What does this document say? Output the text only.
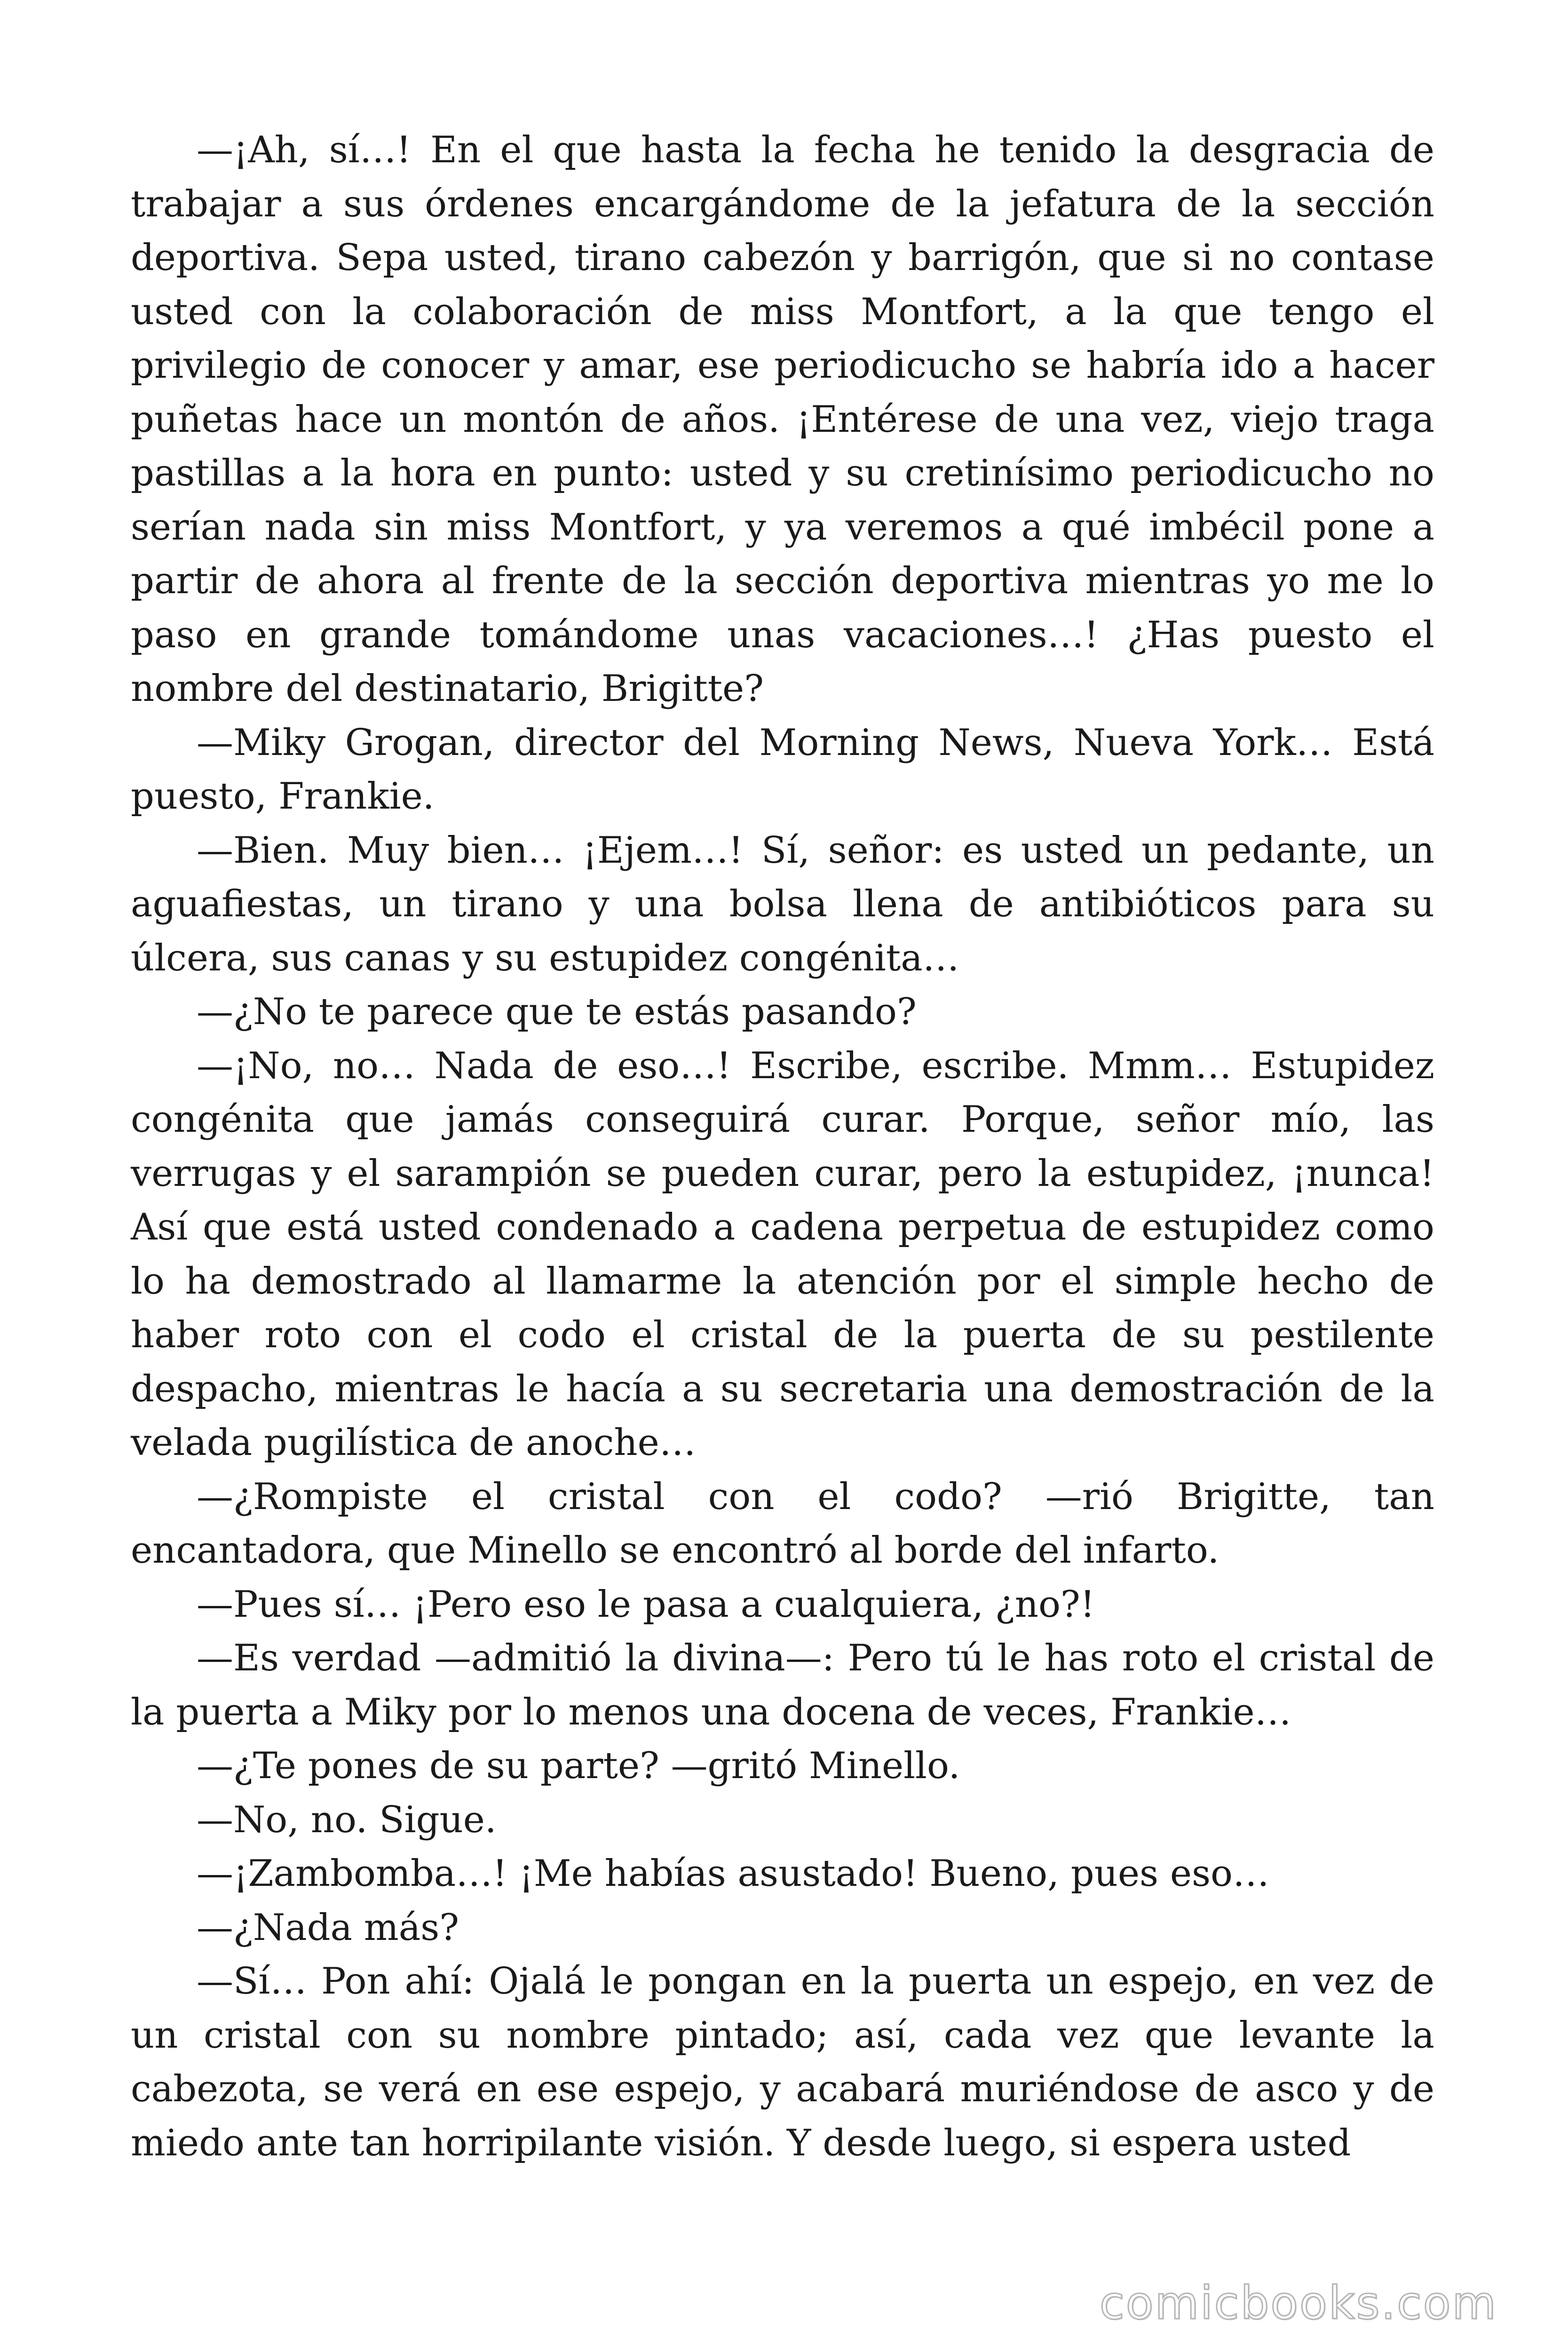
—¡Ah, sí…! En el que hasta la fecha he tenido la desgracia de trabajar a sus órdenes encargándome de la jefatura de la sección deportiva. Sepa usted, tirano cabezón y barrigón, que si no contase usted con la colaboración de miss Montfort, a la que tengo el privilegio de conocer y amar, ese periodicucho se habría ido a hacer puñetas hace un montón de años. ¡Entérese de una vez, viejo traga pastillas a la hora en punto: usted y su cretinísimo periodicucho no serían nada sin miss Montfort, y ya veremos a qué imbécil pone a partir de ahora al frente de la sección deportiva mientras yo me lo paso en grande tomándome unas vacaciones…! ¿Has puesto el nombre del destinatario, Brigitte?

—Miky Grogan, director del Morning News, Nueva York… Está puesto, Frankie.

—Bien. Muy bien… ¡Ejem…! Sí, señor: es usted un pedante, un aguafiestas, un tirano y una bolsa llena de antibióticos para su úlcera, sus canas y su estupidez congénita…

—¿No te parece que te estás pasando?

—¡No, no… Nada de eso…! Escribe, escribe. Mmm… Estupidez congénita que jamás conseguirá curar. Porque, señor mío, las verrugas y el sarampión se pueden curar, pero la estupidez, ¡nunca! Así que está usted condenado a cadena perpetua de estupidez como lo ha demostrado al llamarme la atención por el simple hecho de haber roto con el codo el cristal de la puerta de su pestilente despacho, mientras le hacía a su secretaria una demostración de la velada pugilística de anoche…

—¿Rompiste el cristal con el codo? —rió Brigitte, tan encantadora, que Minello se encontró al borde del infarto.

—Pues sí… ¡Pero eso le pasa a cualquiera, ¿no?!

—Es verdad —admitió la divina—: Pero tú le has roto el cristal de la puerta a Miky por lo menos una docena de veces, Frankie…

—¿Te pones de su parte? —gritó Minello.

—No, no. Sigue.

—¡Zambomba…! ¡Me habías asustado! Bueno, pues eso…

—¿Nada más?

—Sí… Pon ahí: Ojalá le pongan en la puerta un espejo, en vez de un cristal con su nombre pintado; así, cada vez que levante la cabezota, se verá en ese espejo, y acabará muriéndose de asco y de miedo ante tan horripilante visión. Y desde luego, si espera usted

comicbooks.com
